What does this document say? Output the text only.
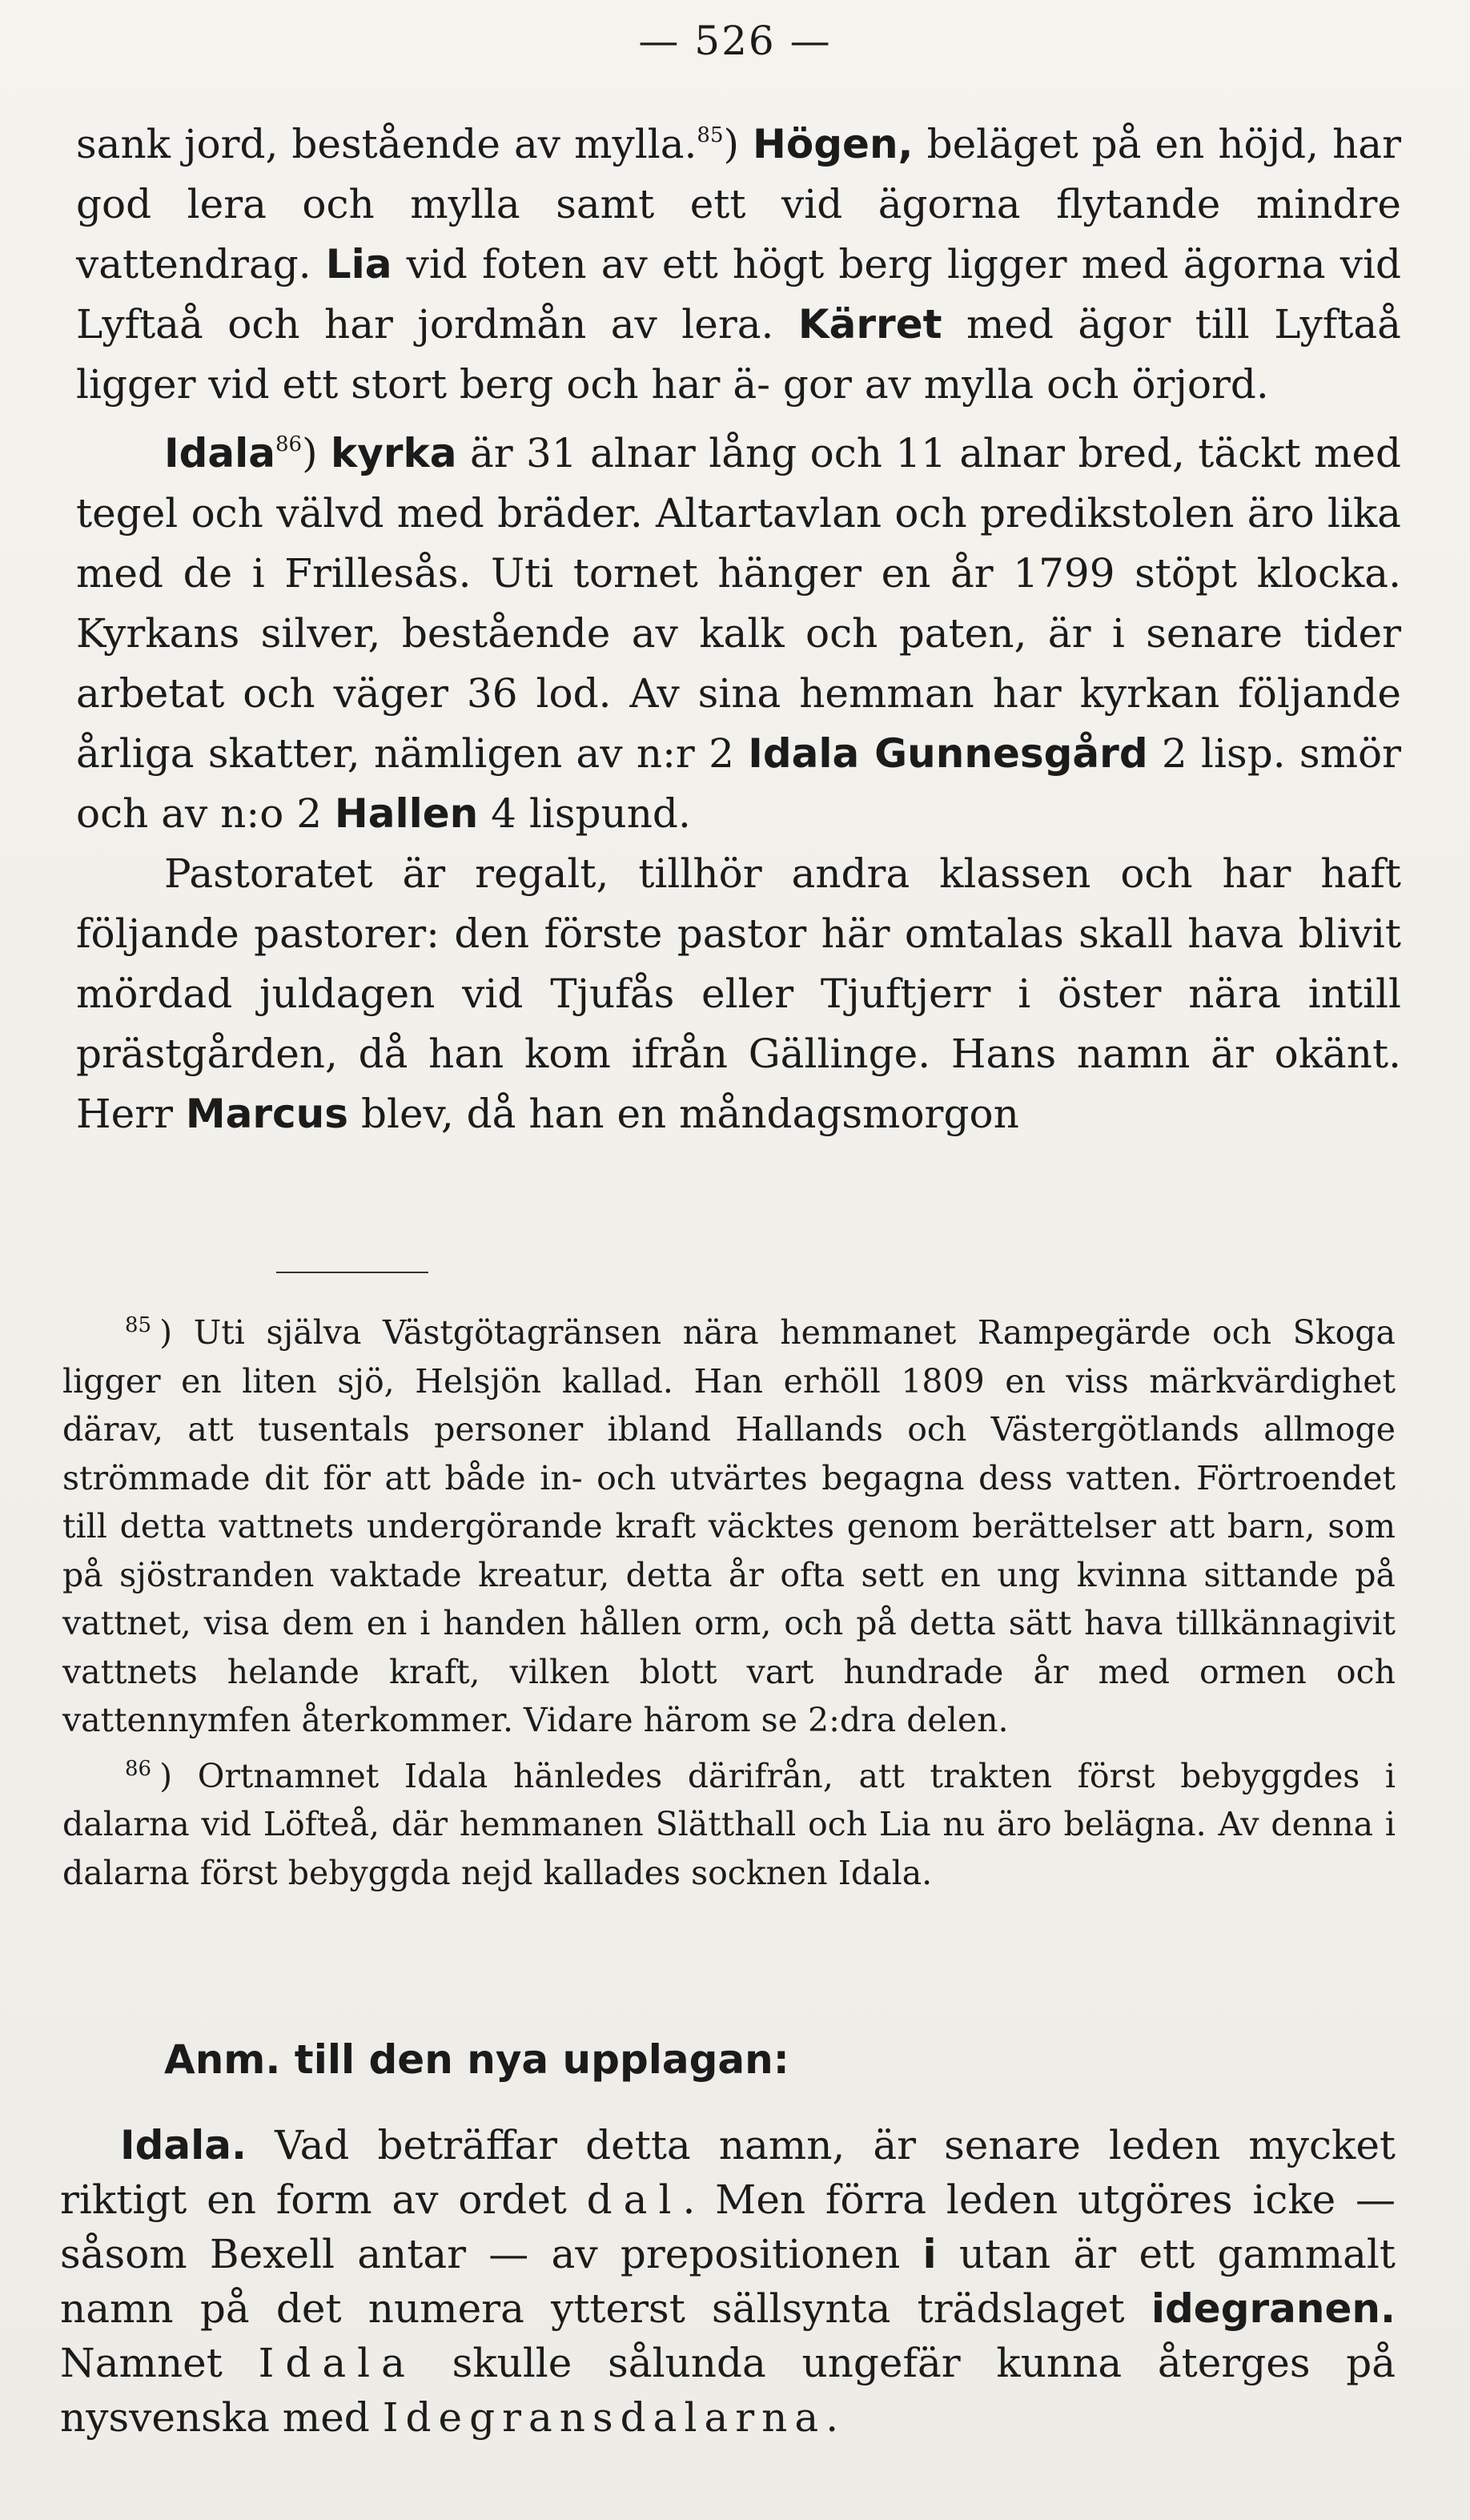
— 526 —

sank jord, bestående av mylla.$^{85}$) Högen, beläget på en höjd, har god lera och mylla samt ett vid ägorna flytande mindre vattendrag. Lia vid foten av ett högt berg ligger med ägorna vid Lyftaå och har jordmån av lera. Kärret med ägor till Lyftaå ligger vid ett stort berg och har ä- gor av mylla och örjord.

Idala$^{86}$) kyrka är 31 alnar lång och 11 alnar bred, täckt med tegel och välvd med bräder. Altartavlan och predikstolen äro lika med de i Frillesås. Uti tornet hänger en år 1799 stöpt klocka. Kyrkans silver, bestående av kalk och paten, är i senare tider arbetat och väger 36 lod. Av sina hemman har kyrkan följande årliga skatter, nämligen av n:r 2 Idala Gunnesgård 2 lisp. smör och av n:o 2 Hallen 4 lispund.

Pastoratet är regalt, tillhör andra klassen och har haft följande pastorer: den förste pastor här omtalas skall hava blivit mördad juldagen vid Tjufås eller Tjuftjerr i öster nära intill prästgården, då han kom ifrån Gällinge. Hans namn är okänt. Herr Marcus blev, då han en måndagsmorgon

$^{85}$ ) Uti själva Västgötagränsen nära hemmanet Rampegärde och Skoga ligger en liten sjö, Helsjön kallad. Han erhöll 1809 en viss märkvärdighet därav, att tusentals personer ibland Hallands och Västergötlands allmoge strömmade dit för att både in- och utvärtes begagna dess vatten. Förtroendet till detta vattnets undergörande kraft väcktes genom berättelser att barn, som på sjöstranden vaktade kreatur, detta år ofta sett en ung kvinna sittande på vattnet, visa dem en i handen hållen orm, och på detta sätt hava tillkännagivit vattnets helande kraft, vilken blott vart hundrade år med ormen och vattennymfen återkommer. Vidare härom se 2:dra delen.

$^{86}$ ) Ortnamnet Idala hänledes därifrån, att trakten först bebyggdes i dalarna vid Löfteå, där hemmanen Slätthall och Lia nu äro belägna. Av denna i dalarna först bebyggda nejd kallades socknen Idala.

Anm. till den nya upplagan:

Idala. Vad beträffar detta namn, är senare leden mycket riktigt en form av ordet dal. Men förra leden utgöres icke — såsom Bexell antar — av prepositionen i utan är ett gammalt namn på det numera ytterst sällsynta trädslaget idegranen. Namnet Idala skulle sålunda ungefär kunna återges på nysvenska med Idegransdalarna.
